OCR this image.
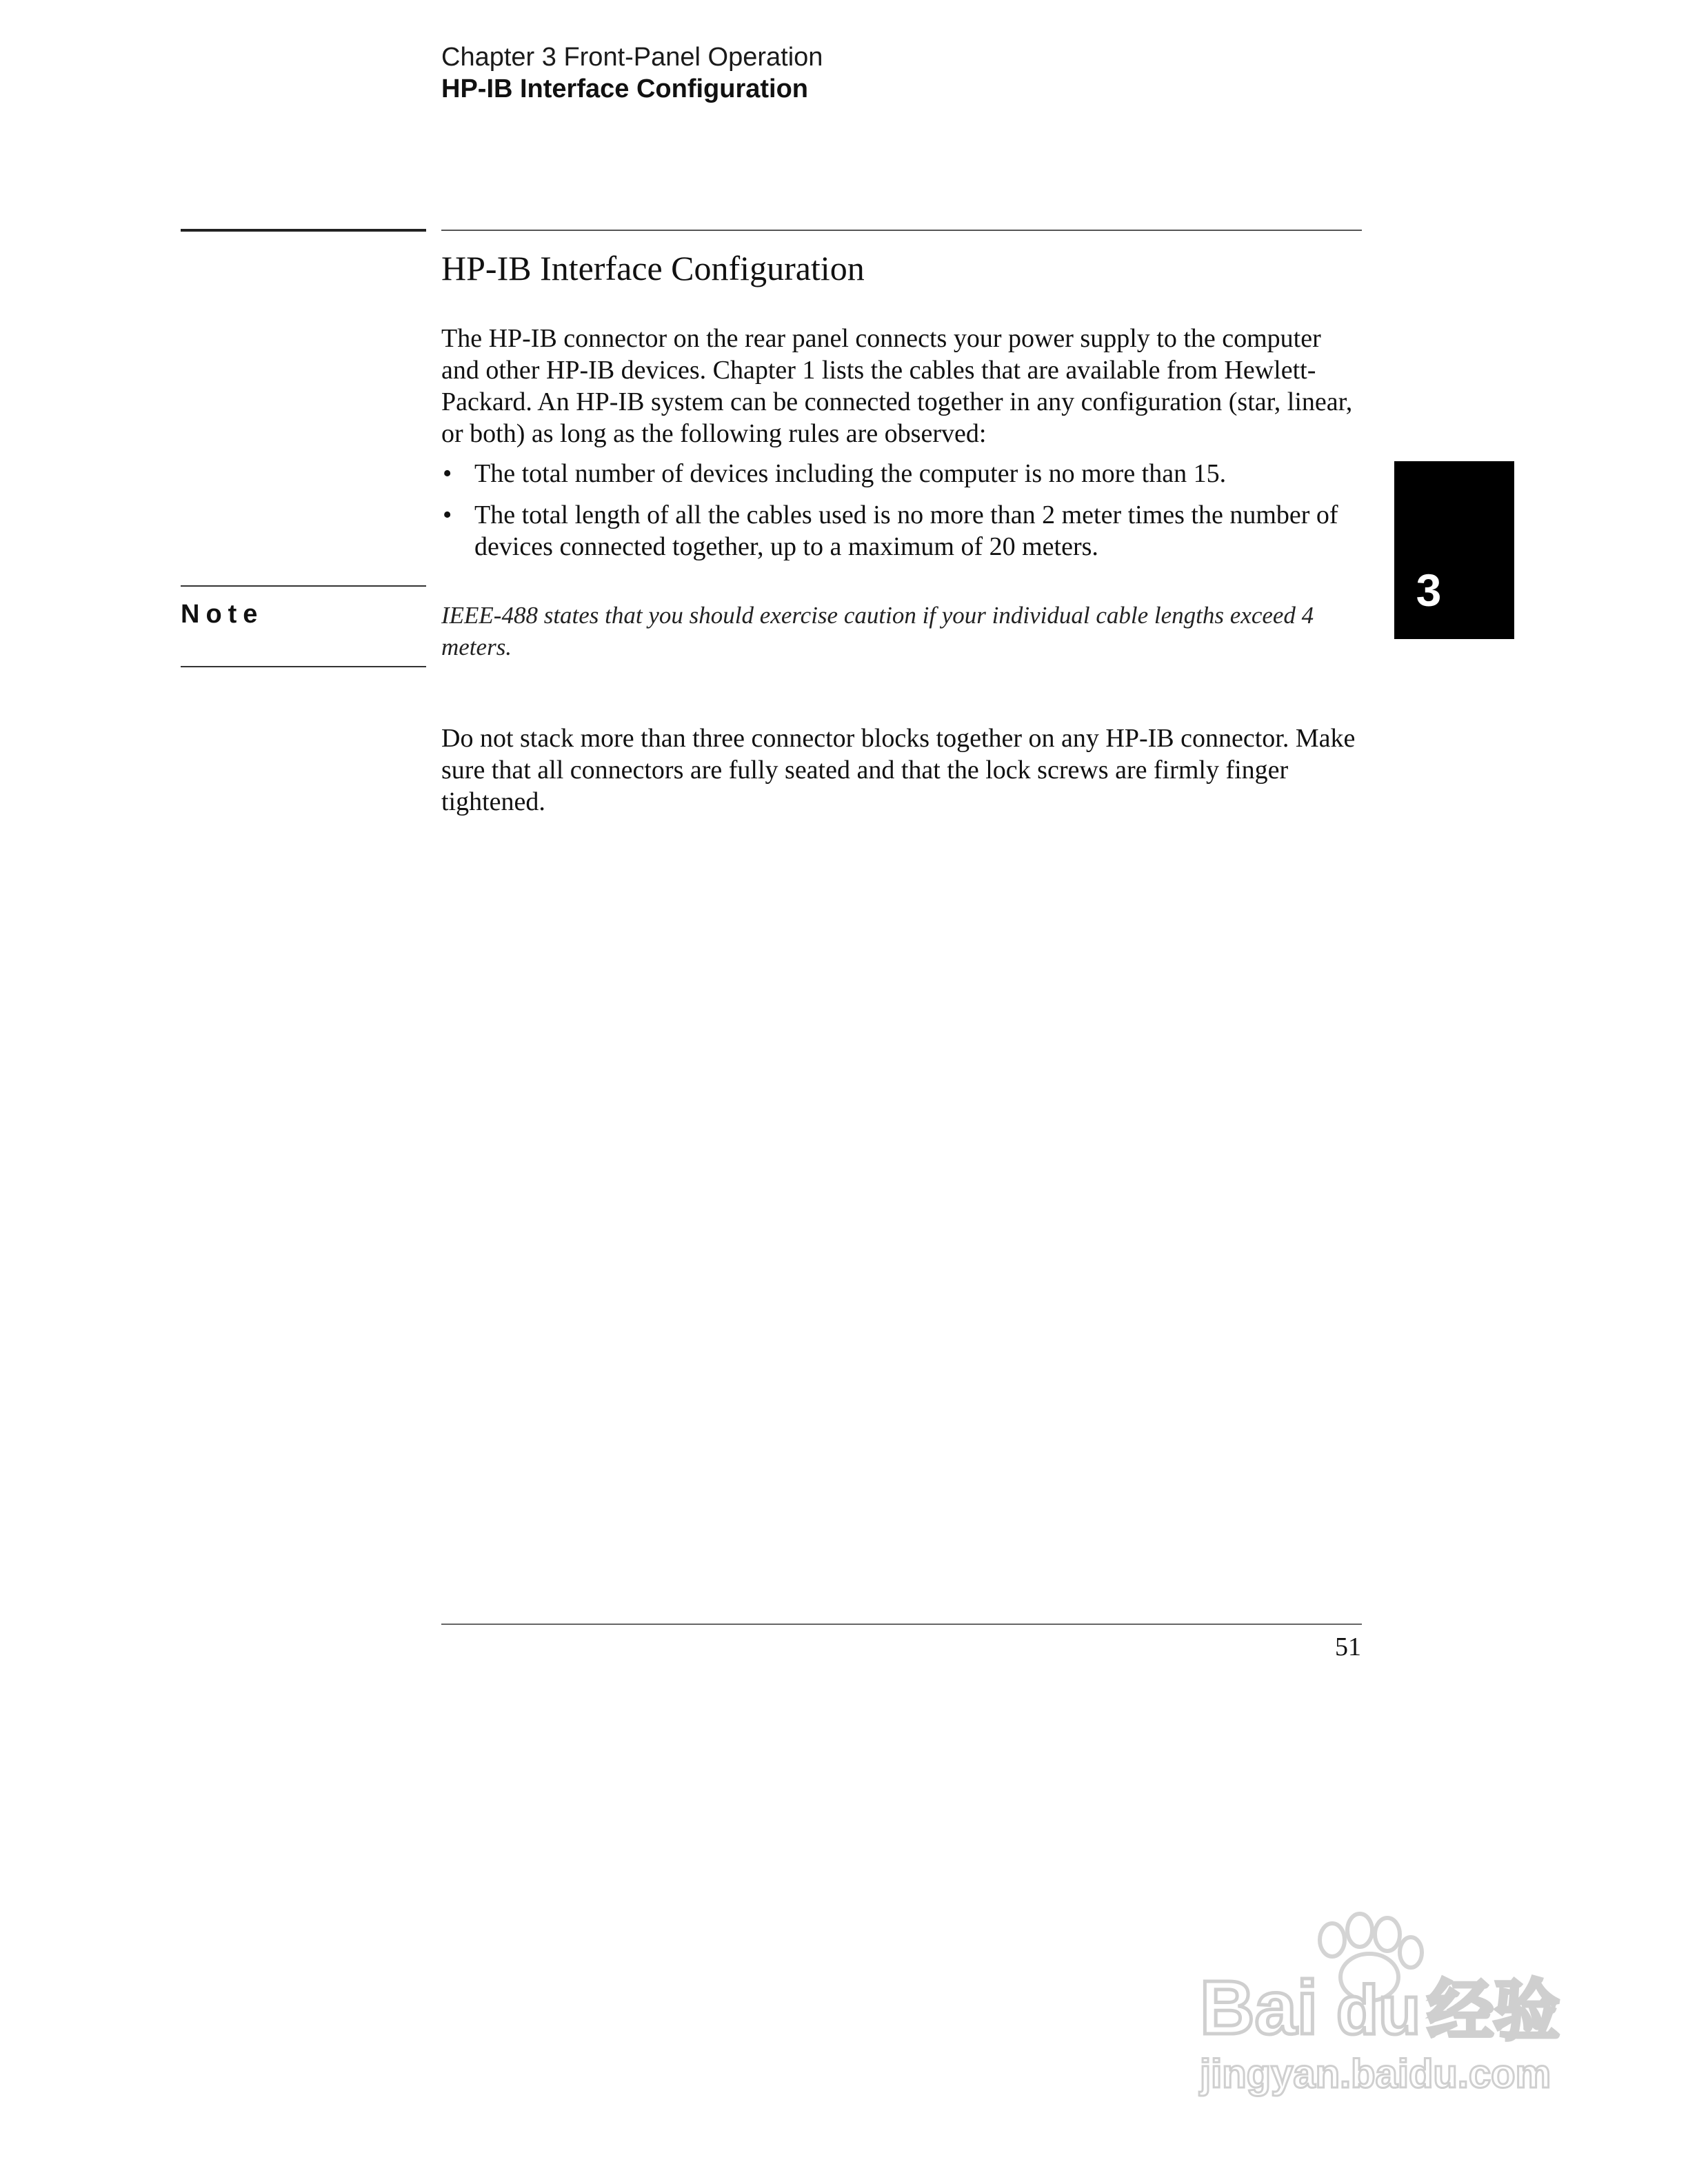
Chapter 3 Front-Panel Operation
HP-IB Interface Configuration
HP-IB Interface Configuration

The HP-IB connector on the rear panel connects your power supply to the computer and other HP-IB devices. Chapter 1 lists the cables that are available from Hewlett-Packard. An HP-IB system can be connected together in any configuration (star, linear, or both) as long as the following rules are observed:

• The total number of devices including the computer is no more than 15.
• The total length of all the cables used is no more than 2 meter times the number of devices connected together, up to a maximum of 20 meters.
Note	IEEE-488 states that you should exercise caution if your individual cable lengths exceed 4 meters.

Do not stack more than three connector blocks together on any HP-IB connector. Make sure that all connectors are fully seated and that the lock screws are firmly finger tightened.

3
51
Bai du 经验
jingyan.baidu.com
